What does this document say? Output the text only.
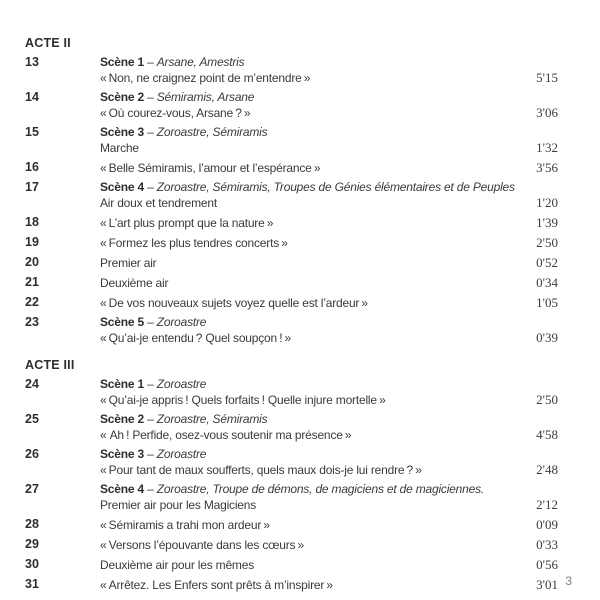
ACTE II
13	Scène 1 – Arsane, Amestris
« Non, ne craignez point de m’entendre »	5'15
14	Scène 2 – Sémiramis, Arsane
« Où courez-vous, Arsane ? »	3'06
15	Scène 3 – Zoroastre, Sémiramis
Marche	1'32
16	« Belle Sémiramis, l’amour et l’espérance »	3'56
17	Scène 4 – Zoroastre, Sémiramis, Troupes de Génies élémentaires et de Peuples
Air doux et tendrement	1'20
18	« L’art plus prompt que la nature »	1'39
19	« Formez les plus tendres concerts »	2'50
20	Premier air	0'52
21	Deuxième air	0'34
22	« De vos nouveaux sujets voyez quelle est l’ardeur »	1'05
23	Scène 5 – Zoroastre
« Qu’ai-je entendu ? Quel soupçon ! »	0'39
ACTE III
24	Scène 1 – Zoroastre
« Qu’ai-je appris ! Quels forfaits ! Quelle injure mortelle »	2'50
25	Scène 2 – Zoroastre, Sémiramis
« Ah ! Perfide, osez-vous soutenir ma présence »	4'58
26	Scène 3 – Zoroastre
« Pour tant de maux soufferts, quels maux dois-je lui rendre ? »	2'48
27	Scène 4 – Zoroastre, Troupe de démons, de magiciens et de magiciennes.
Premier air pour les Magiciens	2'12
28	« Sémiramis a trahi mon ardeur »	0'09
29	« Versons l’épouvante dans les cœurs »	0'33
30	Deuxième air pour les mêmes	0'56
31	« Arrêtez. Les Enfers sont prêts à m’inspirer »	3'01 3
